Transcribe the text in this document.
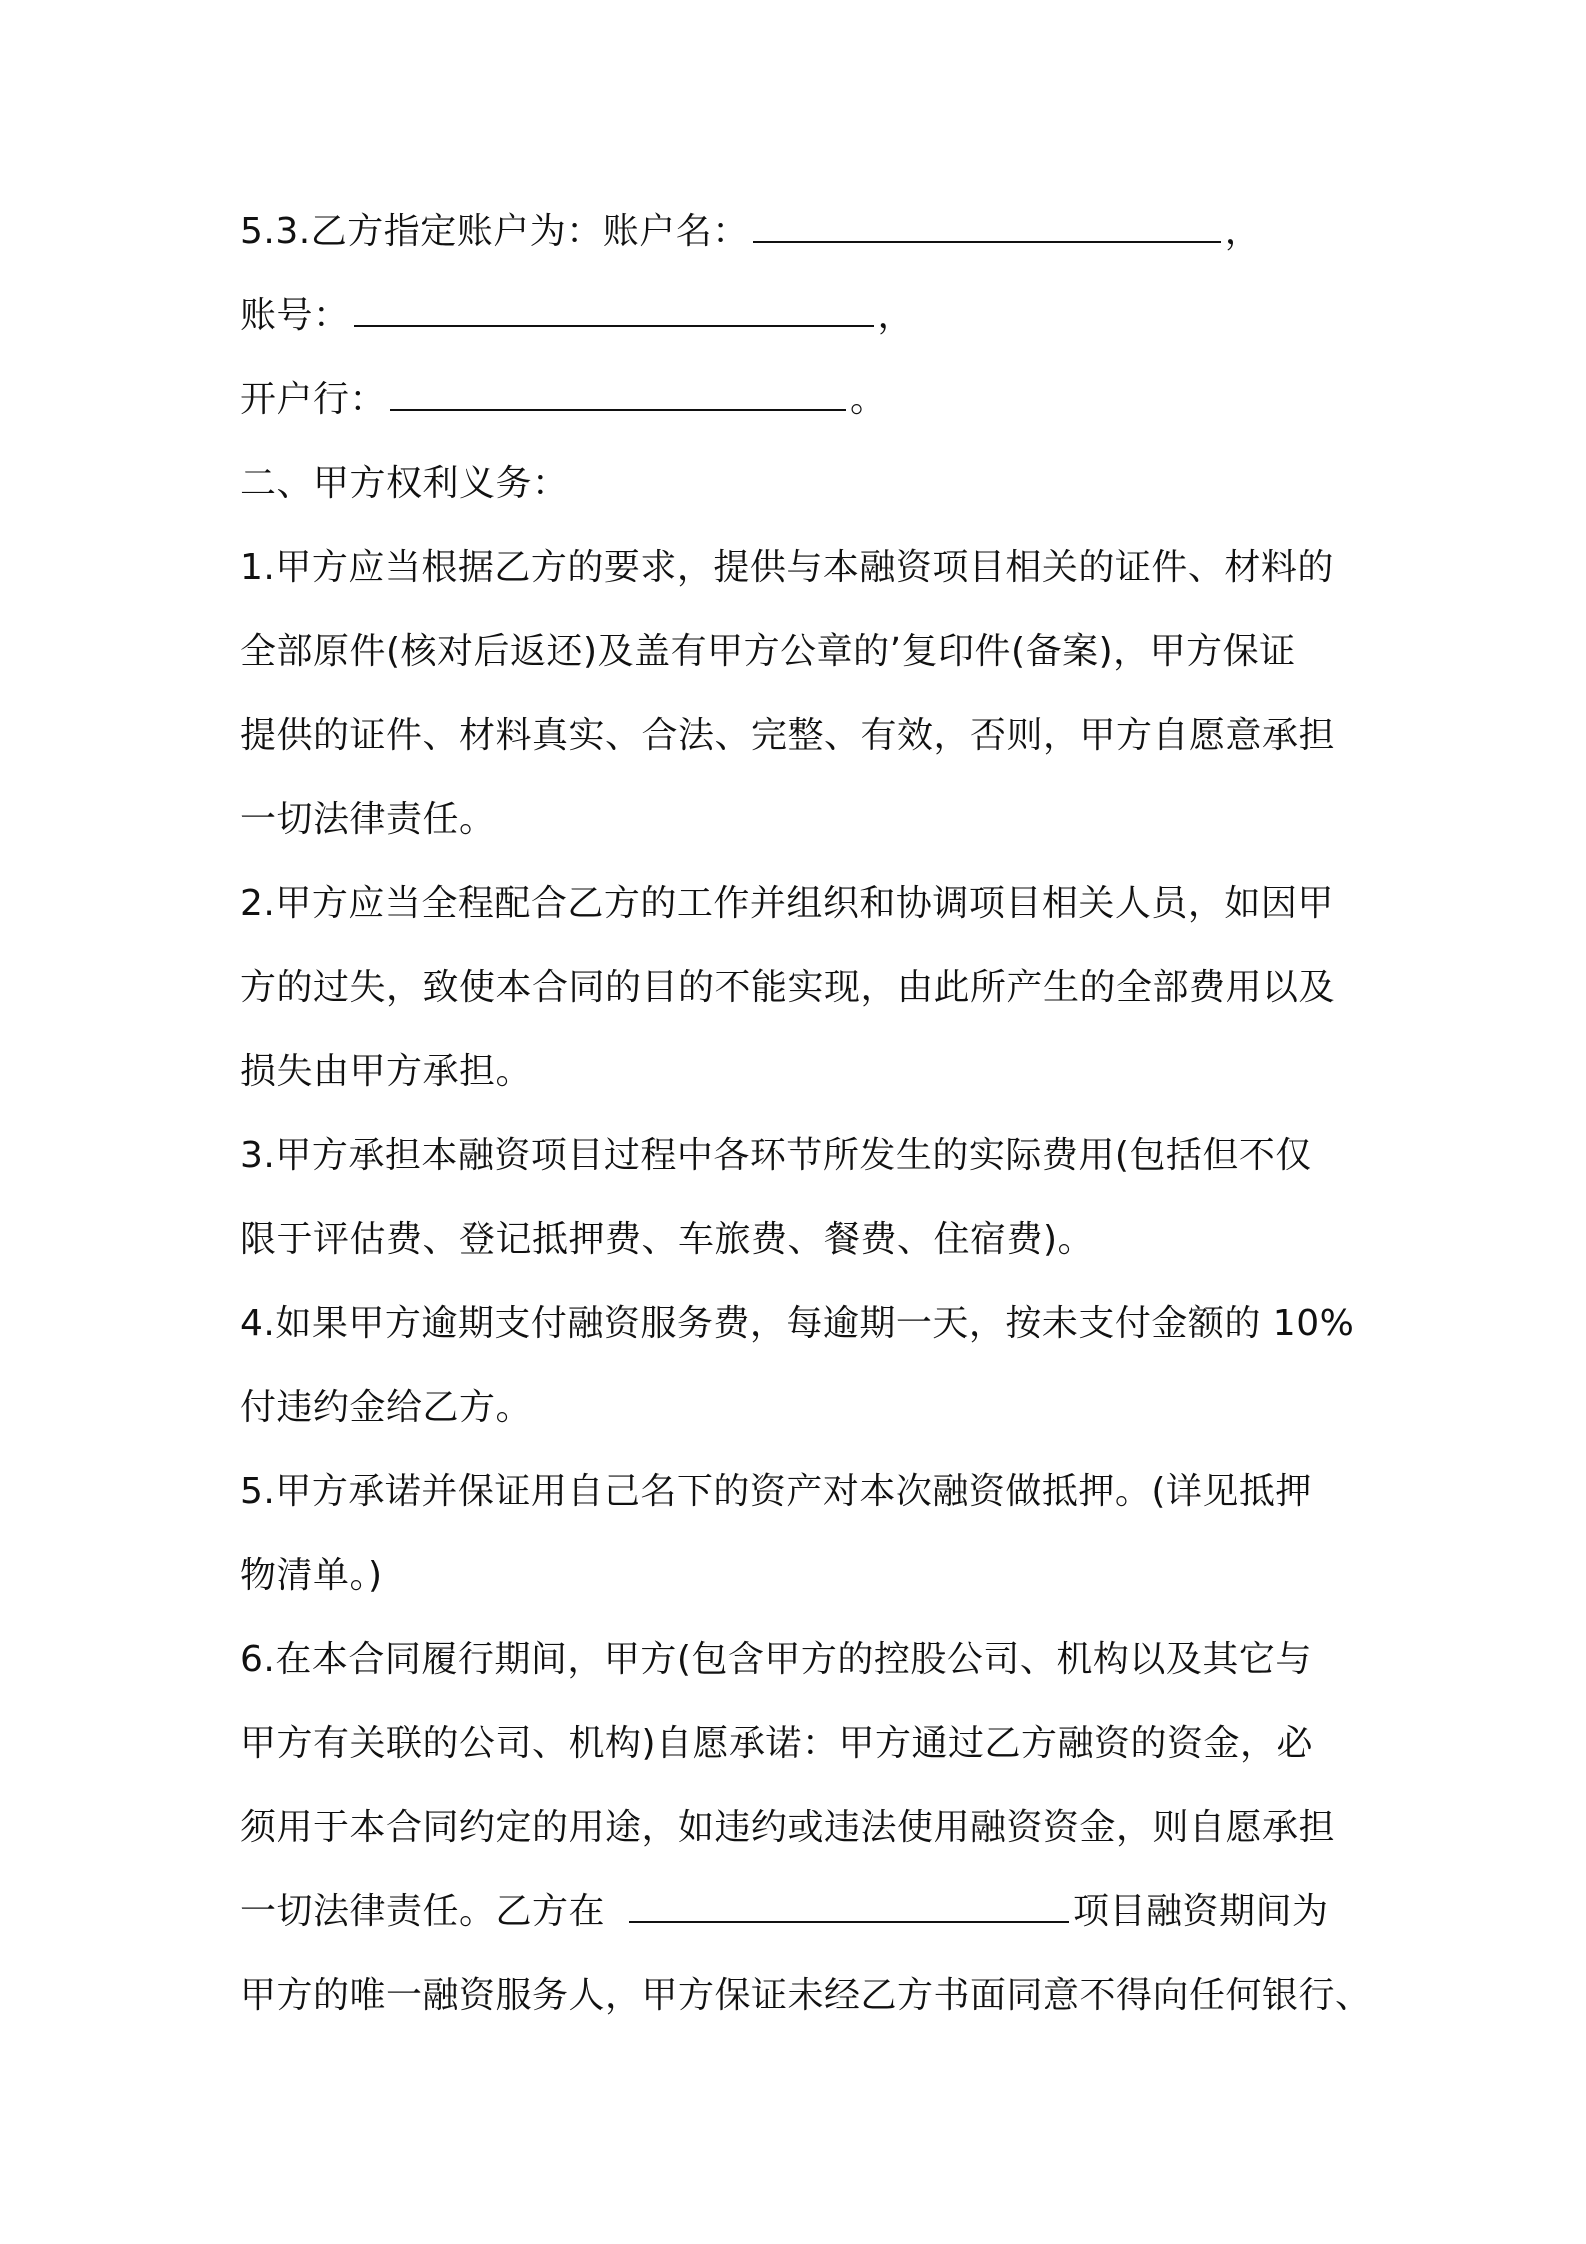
5.3.乙方指定账户为：账户名：	，
账号：	，
开户行：	。
二、甲方权利义务：
1.甲方应当根据乙方的要求，提供与本融资项目相关的证件、材料的
全部原件(核对后返还)及盖有甲方公章的’复印件(备案)，甲方保证
提供的证件、材料真实、合法、完整、有效，否则，甲方自愿意承担
一切法律责任。
2.甲方应当全程配合乙方的工作并组织和协调项目相关人员，如因甲
方的过失，致使本合同的目的不能实现，由此所产生的全部费用以及
损失由甲方承担。
3.甲方承担本融资项目过程中各环节所发生的实际费用(包括但不仅
限于评估费、登记抵押费、车旅费、餐费、住宿费)。
4.如果甲方逾期支付融资服务费，每逾期一天，按未支付金额的 10%
付违约金给乙方。
5.甲方承诺并保证用自己名下的资产对本次融资做抵押。(详见抵押
物清单。)
6.在本合同履行期间，甲方(包含甲方的控股公司、机构以及其它与
甲方有关联的公司、机构)自愿承诺：甲方通过乙方融资的资金，必
须用于本合同约定的用途，如违约或违法使用融资资金，则自愿承担
一切法律责任。乙方在	项目融资期间为
甲方的唯一融资服务人，甲方保证未经乙方书面同意不得向任何银行、
